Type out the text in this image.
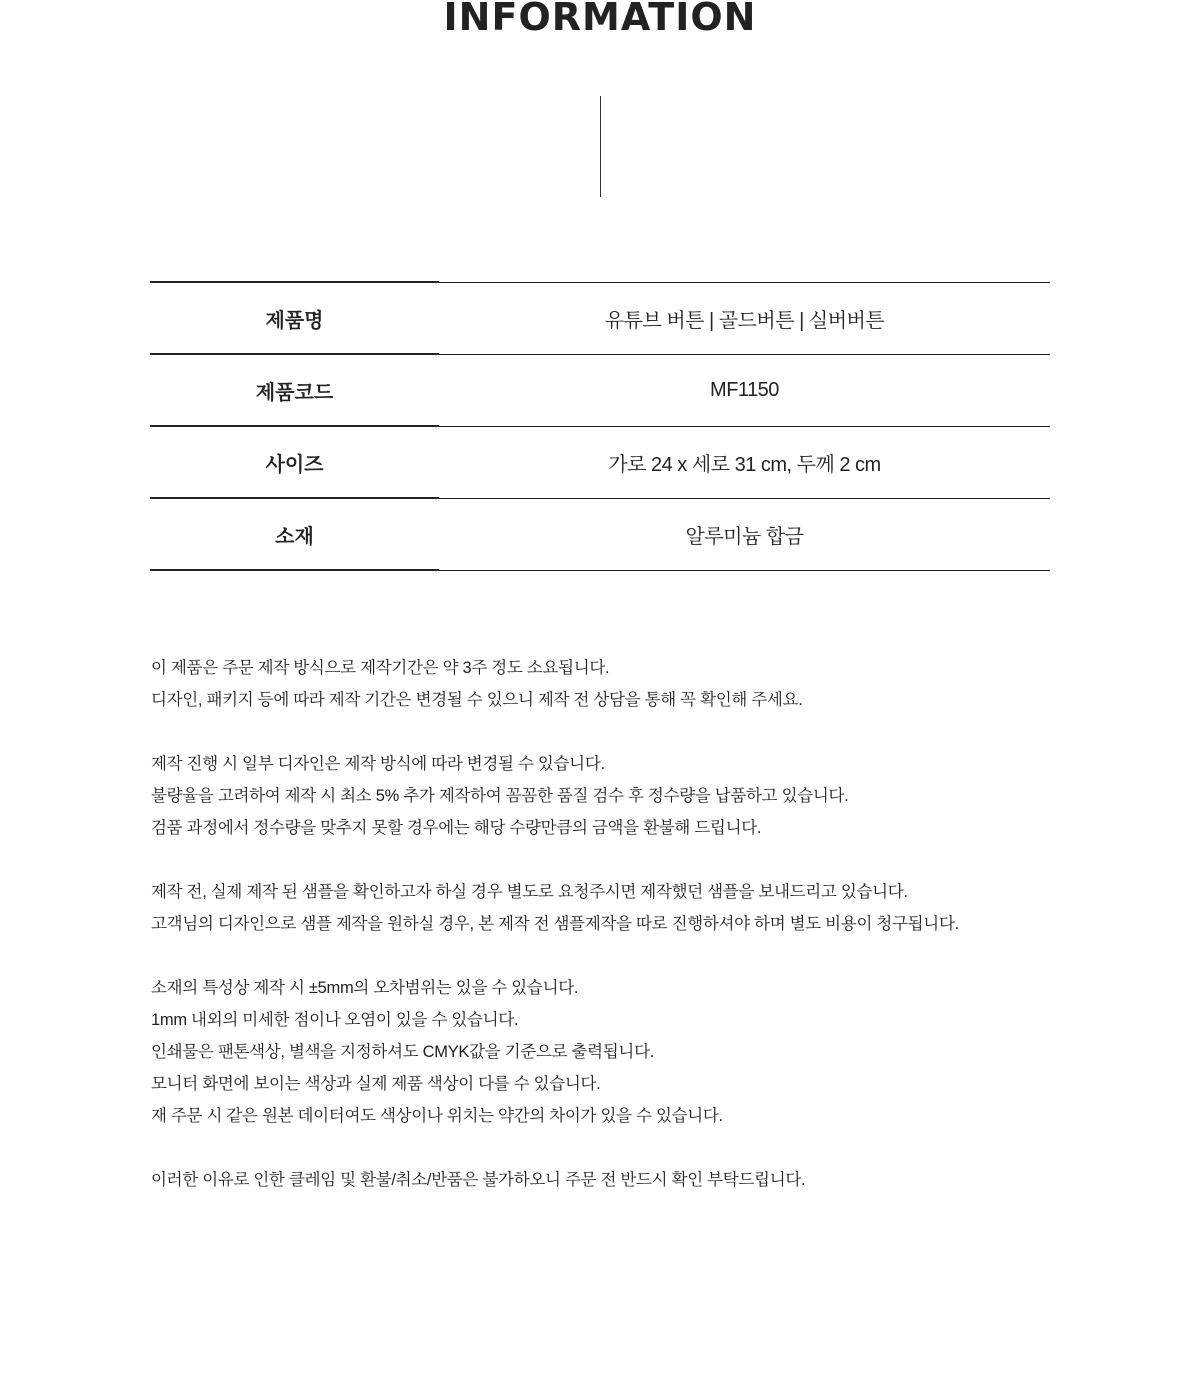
INFORMATION
제품명	유튜브 버튼 | 골드버튼 | 실버버튼
제품코드	MF1150
사이즈	가로 24 x 세로 31 cm, 두께 2 cm
소재	알루미늄 합금
이 제품은 주문 제작 방식으로 제작기간은 약 3주 정도 소요됩니다.
디자인, 패키지 등에 따라 제작 기간은 변경될 수 있으니 제작 전 상담을 통해 꼭 확인해 주세요.
제작 진행 시 일부 디자인은 제작 방식에 따라 변경될 수 있습니다.
불량율을 고려하여 제작 시 최소 5% 추가 제작하여 꼼꼼한 품질 검수 후 정수량을 납품하고 있습니다.
검품 과정에서 정수량을 맞추지 못할 경우에는 해당 수량만큼의 금액을 환불해 드립니다.
제작 전, 실제 제작 된 샘플을 확인하고자 하실 경우 별도로 요청주시면 제작했던 샘플을 보내드리고 있습니다.
고객님의 디자인으로 샘플 제작을 원하실 경우, 본 제작 전 샘플제작을 따로 진행하셔야 하며 별도 비용이 청구됩니다.
소재의 특성상 제작 시 ±5mm의 오차범위는 있을 수 있습니다.
1mm 내외의 미세한 점이나 오염이 있을 수 있습니다.
인쇄물은 팬톤색상, 별색을 지정하셔도 CMYK값을 기준으로 출력됩니다.
모니터 화면에 보이는 색상과 실제 제품 색상이 다를 수 있습니다.
재 주문 시 같은 원본 데이터여도 색상이나 위치는 약간의 차이가 있을 수 있습니다.
이러한 이유로 인한 클레임 및 환불/취소/반품은 불가하오니 주문 전 반드시 확인 부탁드립니다.
